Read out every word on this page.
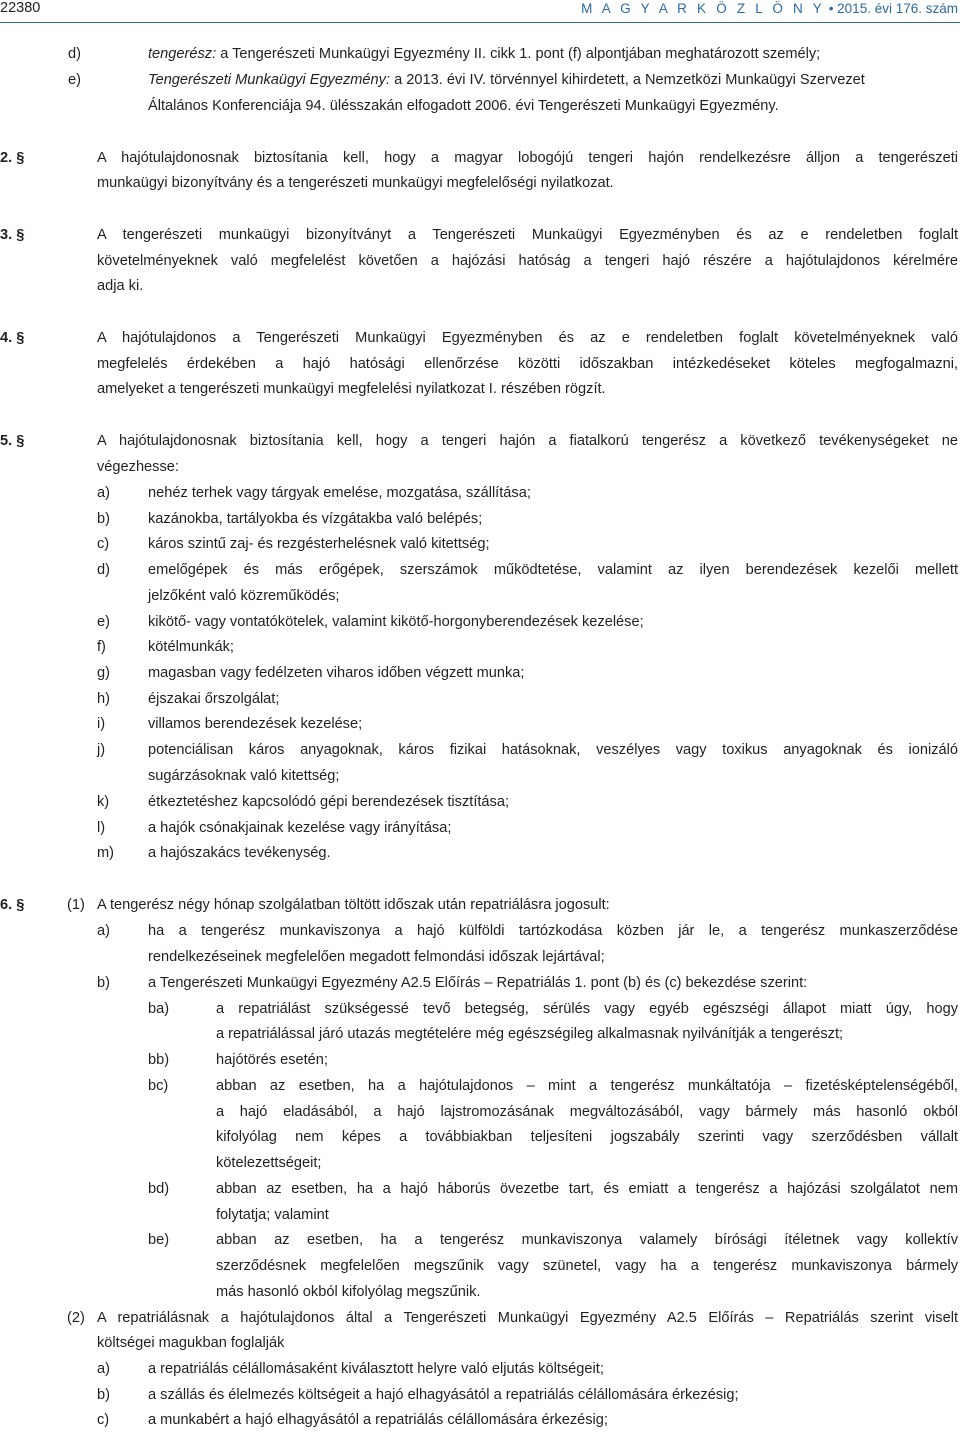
22380	M A G Y A R K Ö Z L Ö N Y • 2015. évi 176. szám
d)	tengerész: a Tengerészeti Munkaügyi Egyezmény II. cikk 1. pont (f) alpontjában meghatározott személy;
e)	Tengerészeti Munkaügyi Egyezmény: a 2013. évi IV. törvénnyel kihirdetett, a Nemzetközi Munkaügyi Szervezet
Általános Konferenciája 94. ülésszakán elfogadott 2006. évi Tengerészeti Munkaügyi Egyezmény.
2. §	A hajótulajdonosnak biztosítania kell, hogy a magyar lobogójú tengeri hajón rendelkezésre álljon a tengerészeti
munkaügyi bizonyítvány és a tengerészeti munkaügyi megfelelőségi nyilatkozat.
3. §	A tengerészeti munkaügyi bizonyítványt a Tengerészeti Munkaügyi Egyezményben és az e rendeletben foglalt
követelményeknek való megfelelést követően a hajózási hatóság a tengeri hajó részére a hajótulajdonos kérelmére
adja ki.
4. §	A hajótulajdonos a Tengerészeti Munkaügyi Egyezményben és az e rendeletben foglalt követelményeknek való
megfelelés érdekében a hajó hatósági ellenőrzése közötti időszakban intézkedéseket köteles megfogalmazni,
amelyeket a tengerészeti munkaügyi megfelelési nyilatkozat I. részében rögzít.
5. §	A hajótulajdonosnak biztosítania kell, hogy a tengeri hajón a fiatalkorú tengerész a következő tevékenységeket ne
végezhesse:
a)	nehéz terhek vagy tárgyak emelése, mozgatása, szállítása;
b)	kazánokba, tartályokba és vízgátakba való belépés;
c)	káros szintű zaj- és rezgésterhelésnek való kitettség;
d)	emelőgépek és más erőgépek, szerszámok működtetése, valamint az ilyen berendezések kezelői mellett
jelzőként való közreműködés;
e)	kikötő- vagy vontatókötelek, valamint kikötő-horgonyberendezések kezelése;
f)	kötélmunkák;
g)	magasban vagy fedélzeten viharos időben végzett munka;
h)	éjszakai őrszolgálat;
i)	villamos berendezések kezelése;
j)	potenciálisan káros anyagoknak, káros fizikai hatásoknak, veszélyes vagy toxikus anyagoknak és ionizáló
sugárzásoknak való kitettség;
k)	étkeztetéshez kapcsolódó gépi berendezések tisztítása;
l)	a hajók csónakjainak kezelése vagy irányítása;
m) a hajószakács tevékenység.
6. §	(1) A tengerész négy hónap szolgálatban töltött időszak után repatriálásra jogosult:
a)	ha a tengerész munkaviszonya a hajó külföldi tartózkodása közben jár le, a tengerész munkaszerződése
rendelkezéseinek megfelelően megadott felmondási időszak lejártával;
b)	a Tengerészeti Munkaügyi Egyezmény A2.5 Előírás – Repatriálás 1. pont (b) és (c) bekezdése szerint:
ba)	a repatriálást szükségessé tevő betegség, sérülés vagy egyéb egészségi állapot miatt úgy, hogy
a repatriálással járó utazás megtételére még egészségileg alkalmasnak nyilvánítják a tengerészt;
bb)	hajótörés esetén;
bc)	abban az esetben, ha a hajótulajdonos – mint a tengerész munkáltatója – fizetésképtelenségéből,
a hajó eladásából, a hajó lajstromozásának megváltozásából, vagy bármely más hasonló okból
kifolyólag nem képes a továbbiakban teljesíteni jogszabály szerinti vagy szerződésben vállalt
kötelezettségeit;
bd)	abban az esetben, ha a hajó háborús övezetbe tart, és emiatt a tengerész a hajózási szolgálatot nem
folytatja; valamint
be)	abban az esetben, ha a tengerész munkaviszonya valamely bírósági ítéletnek vagy kollektív
szerződésnek megfelelően megszűnik vagy szünetel, vagy ha a tengerész munkaviszonya bármely
más hasonló okból kifolyólag megszűnik.
(2) A repatriálásnak a hajótulajdonos által a Tengerészeti Munkaügyi Egyezmény A2.5 Előírás – Repatriálás szerint viselt
költségei magukban foglalják
a)	a repatriálás célállomásaként kiválasztott helyre való eljutás költségeit;
b)	a szállás és élelmezés költségeit a hajó elhagyásától a repatriálás célállomására érkezésig;
c)	a munkabért a hajó elhagyásától a repatriálás célállomására érkezésig;
